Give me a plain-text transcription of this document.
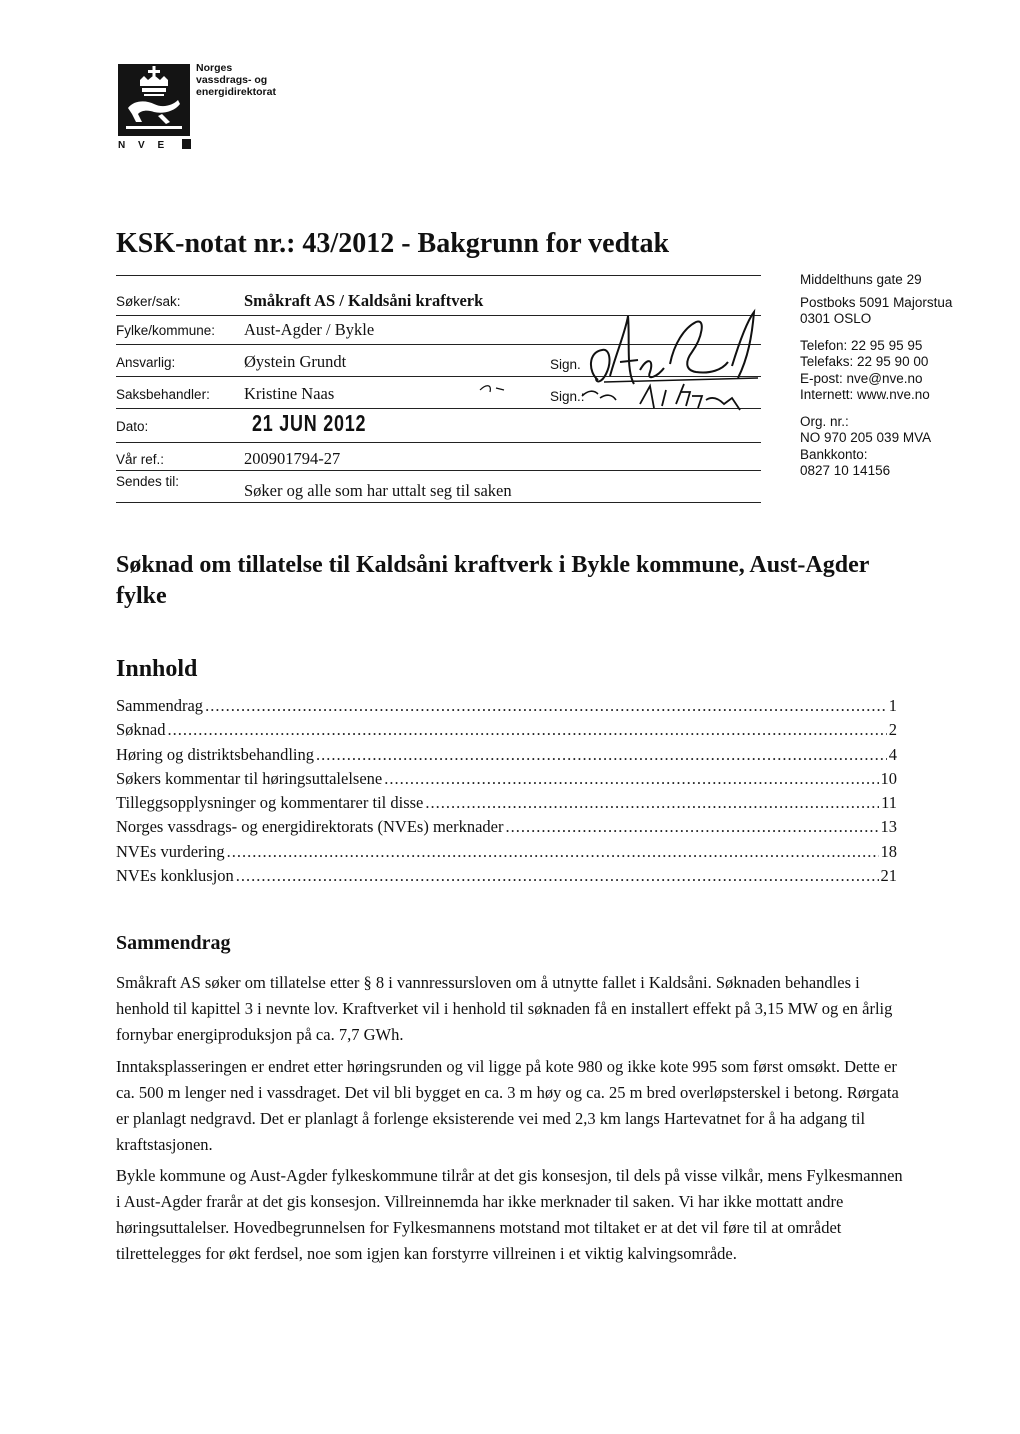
N V E
Norges
vassdrags- og
energidirektorat
KSK-notat nr.: 43/2012 - Bakgrunn for vedtak
Søker/sak:	Småkraft AS / Kaldsåni kraftverk
Fylke/kommune: Aust-Agder / Bykle
Ansvarlig:	Øystein Grundt	Sign.
Saksbehandler: Kristine Naas	Sign.:
Dato:	21 JUN 2012
Vår ref.:	200901794-27
Sendes til:	Søker og alle som har uttalt seg til saken
Middelthuns gate 29
Postboks 5091 Majorstua
0301 OSLO
Telefon: 22 95 95 95
Telefaks: 22 95 90 00
E-post: nve@nve.no
Internett: www.nve.no
Org. nr.:
NO 970 205 039 MVA
Bankkonto:
0827 10 14156
Søknad om tillatelse til Kaldsåni kraftverk i Bykle kommune, Aust-Agder fylke
Innhold
Sammendrag .....	1
Søknad .....	2
Høring og distriktsbehandling .....	4
Søkers kommentar til høringsuttalelsene .....	10
Tilleggsopplysninger og kommentarer til disse .....	11
Norges vassdrags- og energidirektorats (NVEs) merknader .....	13
NVEs vurdering .....	18
NVEs konklusjon .....	21
Sammendrag
Småkraft AS søker om tillatelse etter § 8 i vannressursloven om å utnytte fallet i Kaldsåni. Søknaden behandles i henhold til kapittel 3 i nevnte lov. Kraftverket vil i henhold til søknaden få en installert effekt på 3,15 MW og en årlig fornybar energiproduksjon på ca. 7,7 GWh.
Inntaksplasseringen er endret etter høringsrunden og vil ligge på kote 980 og ikke kote 995 som først omsøkt. Dette er ca. 500 m lenger ned i vassdraget. Det vil bli bygget en ca. 3 m høy og ca. 25 m bred overløpsterskel i betong. Rørgata er planlagt nedgravd. Det er planlagt å forlenge eksisterende vei med 2,3 km langs Hartevatnet for å ha adgang til kraftstasjonen.
Bykle kommune og Aust-Agder fylkeskommune tilrår at det gis konsesjon, til dels på visse vilkår, mens Fylkesmannen i Aust-Agder frarår at det gis konsesjon. Villreinnemda har ikke merknader til saken. Vi har ikke mottatt andre høringsuttalelser. Hovedbegrunnelsen for Fylkesmannens motstand mot tiltaket er at det vil føre til at området tilrettelegges for økt ferdsel, noe som igjen kan forstyrre villreinen i et viktig kalvingsområde.
